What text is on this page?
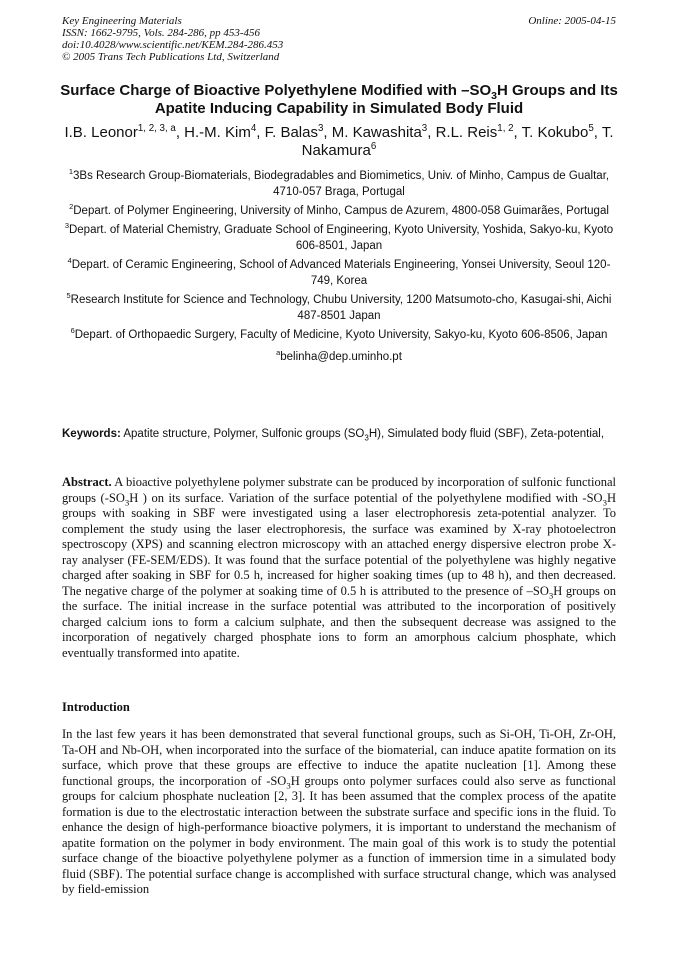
Key Engineering Materials
ISSN: 1662-9795, Vols. 284-286, pp 453-456
doi:10.4028/www.scientific.net/KEM.284-286.453
© 2005 Trans Tech Publications Ltd, Switzerland
Online: 2005-04-15
Surface Charge of Bioactive Polyethylene Modified with $-SO_3H$ Groups and Its Apatite Inducing Capability in Simulated Body Fluid
I.B. Leonor$^{1, 2, 3, a}$, H.-M. Kim$^4$, F. Balas$^3$, M. Kawashita$^3$, R.L. Reis$^{1, 2}$, T. Kokubo$^5$, T. Nakamura$^6$
$^1$3Bs Research Group-Biomaterials, Biodegradables and Biomimetics, Univ. of Minho, Campus de Gualtar, 4710-057 Braga, Portugal
$^2$Depart. of Polymer Engineering, University of Minho, Campus de Azurem, 4800-058 Guimarães, Portugal
$^3$Depart. of Material Chemistry, Graduate School of Engineering, Kyoto University, Yoshida, Sakyo-ku, Kyoto 606-8501, Japan
$^4$Depart. of Ceramic Engineering, School of Advanced Materials Engineering, Yonsei University, Seoul 120-749, Korea
$^5$Research Institute for Science and Technology, Chubu University, 1200 Matsumoto-cho, Kasugai-shi, Aichi 487-8501 Japan
$^6$Depart. of Orthopaedic Surgery, Faculty of Medicine, Kyoto University, Sakyo-ku, Kyoto 606-8506, Japan
$^a$belinha@dep.uminho.pt
Keywords: Apatite structure, Polymer, Sulfonic groups $(SO_3H)$, Simulated body fluid (SBF), Zeta-potential,
Abstract. A bioactive polyethylene polymer substrate can be produced by incorporation of sulfonic functional groups ($-SO_3H$ ) on its surface. Variation of the surface potential of the polyethylene modified with $-SO_3H$ groups with soaking in SBF were investigated using a laser electrophoresis zeta-potential analyzer. To complement the study using the laser electrophoresis, the surface was examined by X-ray photoelectron spectroscopy (XPS) and scanning electron microscopy with an attached energy dispersive electron probe X-ray analyser (FE-SEM/EDS). It was found that the surface potential of the polyethylene was highly negative charged after soaking in SBF for 0.5 h, increased for higher soaking times (up to 48 h), and then decreased. The negative charge of the polymer at soaking time of 0.5 h is attributed to the presence of $-SO_3H$ groups on the surface. The initial increase in the surface potential was attributed to the incorporation of positively charged calcium ions to form a calcium sulphate, and then the subsequent decrease was assigned to the incorporation of negatively charged phosphate ions to form an amorphous calcium phosphate, which eventually transformed into apatite.
Introduction
In the last few years it has been demonstrated that several functional groups, such as Si-OH, Ti-OH, Zr-OH, Ta-OH and Nb-OH, when incorporated into the surface of the biomaterial, can induce apatite formation on its surface, which prove that these groups are effective to induce the apatite nucleation [1]. Among these functional groups, the incorporation of $-SO_3H$ groups onto polymer surfaces could also serve as functional groups for calcium phosphate nucleation [2, 3]. It has been assumed that the complex process of the apatite formation is due to the electrostatic interaction between the substrate surface and specific ions in the fluid. To enhance the design of high-performance bioactive polymers, it is important to understand the mechanism of apatite formation on the polymer in body environment. The main goal of this work is to study the potential surface change of the bioactive polyethylene polymer as a function of immersion time in a simulated body fluid (SBF). The potential surface change is accomplished with surface structural change, which was analysed by field-emission
